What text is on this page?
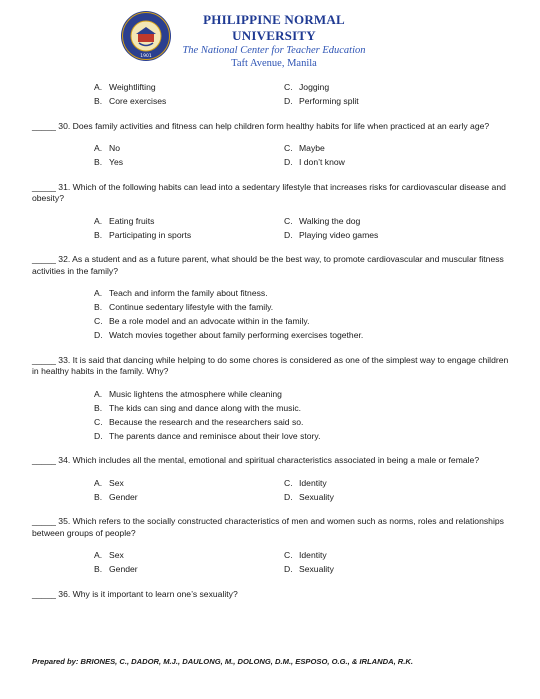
1901
PHILIPPINE NORMAL UNIVERSITY
The National Center for Teacher Education
Taft Avenue, Manila
A. Weightlifting	C. Jogging
B. Core exercises	D. Performing split
_____ 30. Does family activities and fitness can help children form healthy habits for life when practiced at an early age?
A. No	C. Maybe
B. Yes	D. I don’t know
_____ 31. Which of the following habits can lead into a sedentary lifestyle that increases risks for cardiovascular disease and obesity?
A. Eating fruits	C. Walking the dog
B. Participating in sports	D. Playing video games
_____ 32. As a student and as a future parent, what should be the best way, to promote cardiovascular and muscular fitness activities in the family?
A. Teach and inform the family about fitness.
B. Continue sedentary lifestyle with the family.
C. Be a role model and an advocate within in the family.
D. Watch movies together about family performing exercises together.
_____ 33. It is said that dancing while helping to do some chores is considered as one of the simplest way to engage children in healthy habits in the family. Why?
A. Music lightens the atmosphere while cleaning
B. The kids can sing and dance along with the music.
C. Because the research and the researchers said so.
D. The parents dance and reminisce about their love story.
_____ 34. Which includes all the mental, emotional and spiritual characteristics associated in being a male or female?
A. Sex	C. Identity
B. Gender	D. Sexuality
_____ 35. Which refers to the socially constructed characteristics of men and women such as norms, roles and relationships between groups of people?
A. Sex	C. Identity
B. Gender	D. Sexuality
_____ 36. Why is it important to learn one’s sexuality?
Prepared by: BRIONES, C., DADOR, M.J., DAULONG, M., DOLONG, D.M., ESPOSO, O.G., & IRLANDA, R.K.
